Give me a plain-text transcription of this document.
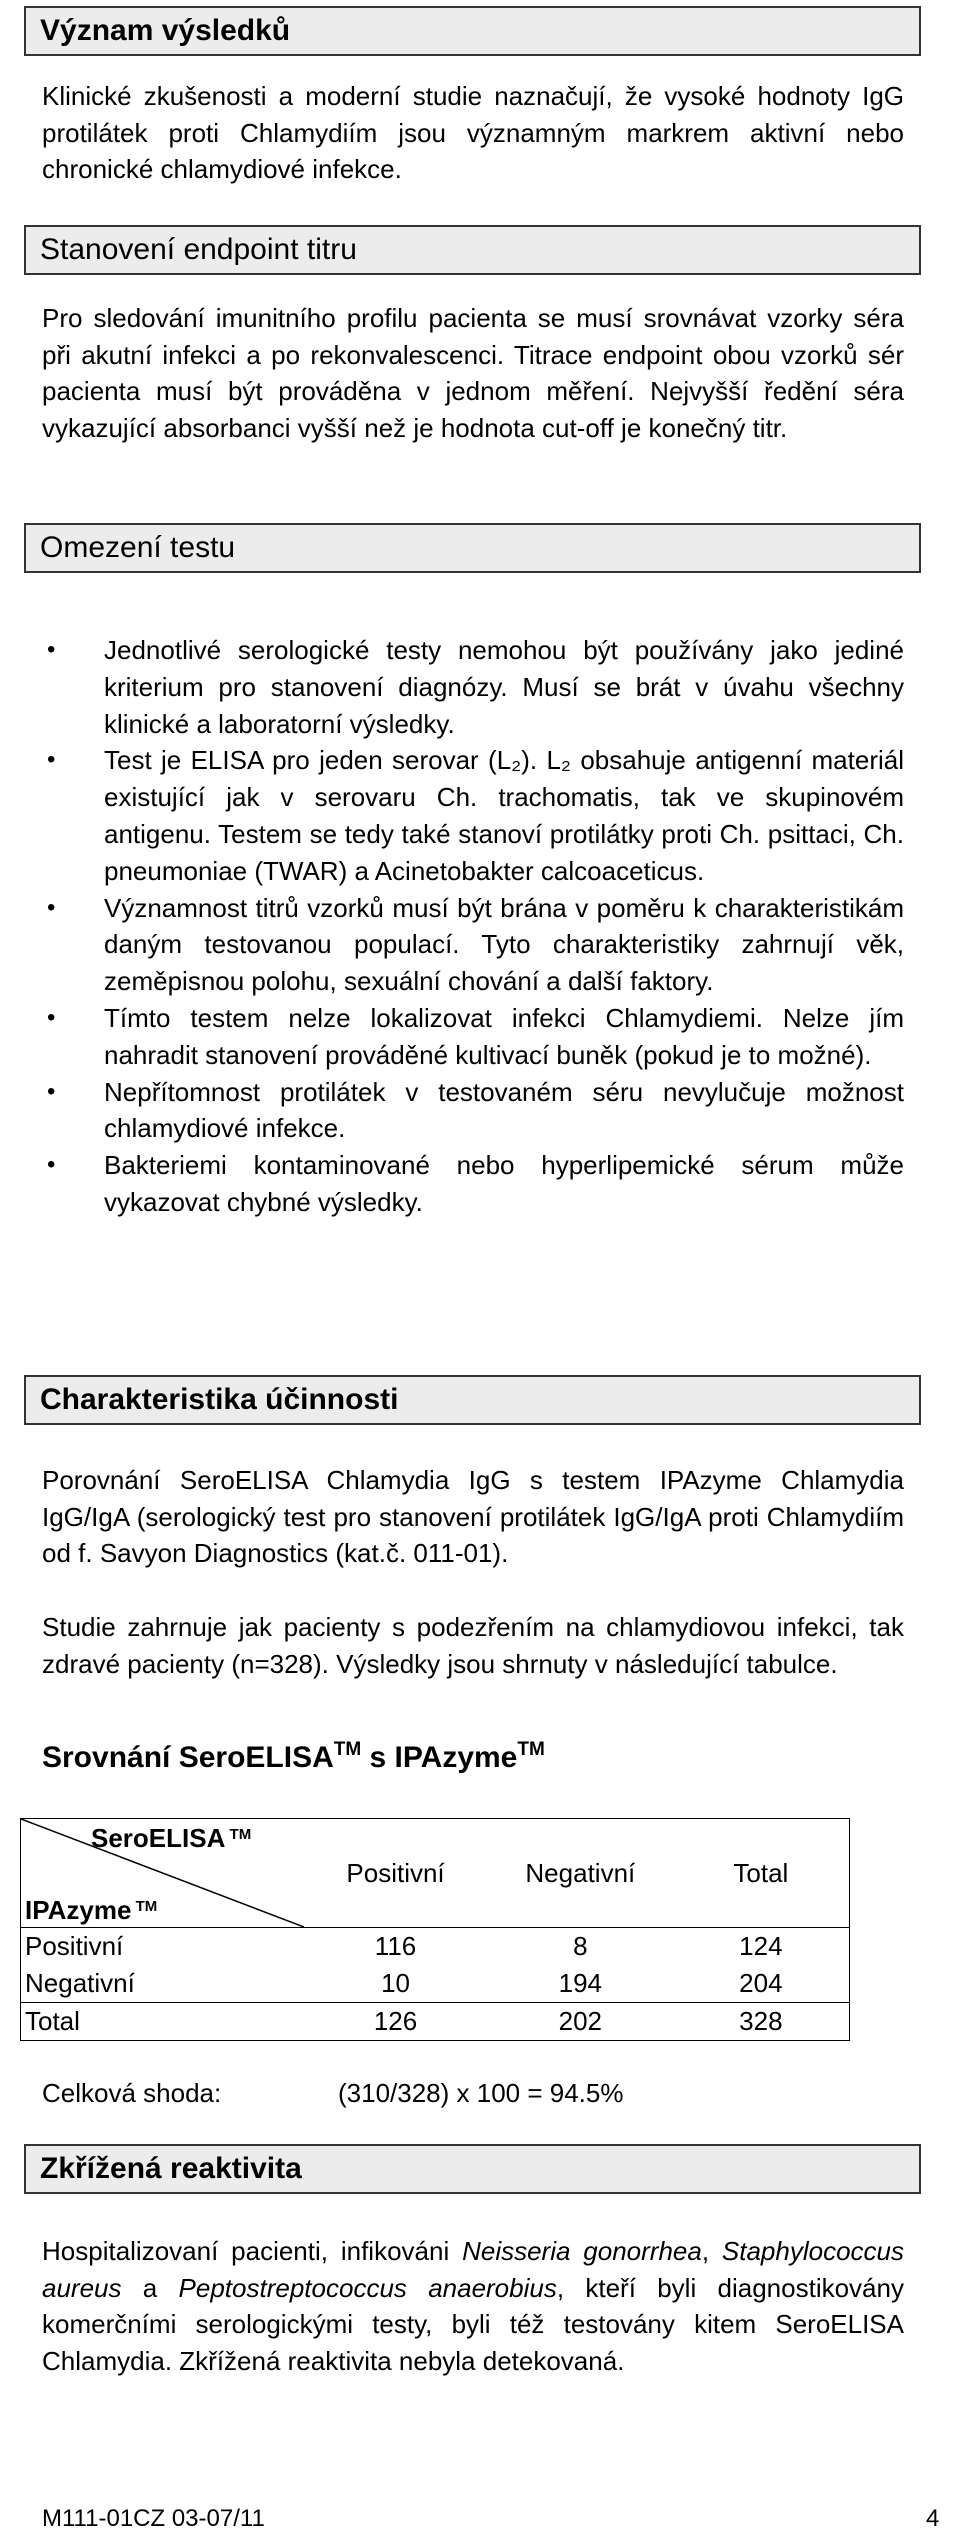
Význam výsledků
Klinické zkušenosti a moderní studie naznačují, že vysoké hodnoty IgG protilátek proti Chlamydiím jsou významným markrem aktivní nebo chronické chlamydiové infekce.
Stanovení endpoint titru
Pro sledování imunitního profilu pacienta se musí srovnávat vzorky séra při akutní infekci a po rekonvalescenci. Titrace endpoint obou vzorků sér pacienta musí být prováděna v jednom měření. Nejvyšší ředění séra vykazující absorbanci vyšší než je hodnota cut-off je konečný titr.
Omezení testu
• Jednotlivé serologické testy nemohou být používány jako jediné kriterium pro stanovení diagnózy. Musí se brát v úvahu všechny klinické a laboratorní výsledky.
• Test je ELISA pro jeden serovar (L₂). L₂ obsahuje antigenní materiál existující jak v serovaru Ch. trachomatis, tak ve skupinovém antigenu. Testem se tedy také stanoví protilátky proti Ch. psittaci, Ch. pneumoniae (TWAR) a Acinetobakter calcoaceticus.
• Významnost titrů vzorků musí být brána v poměru k charakteristikám daným testovanou populací. Tyto charakteristiky zahrnují věk, zeměpisnou polohu, sexuální chování a další faktory.
• Tímto testem nelze lokalizovat infekci Chlamydiemi. Nelze jím nahradit stanovení prováděné kultivací buněk (pokud je to možné).
• Nepřítomnost protilátek v testovaném séru nevylučuje možnost chlamydiové infekce.
• Bakteriemi kontaminované nebo hyperlipemické sérum může vykazovat chybné výsledky.
Charakteristika účinnosti
Porovnání SeroELISA Chlamydia IgG s testem IPAzyme Chlamydia IgG/IgA (serologický test pro stanovení protilátek IgG/IgA proti Chlamydiím od f. Savyon Diagnostics (kat.č. 011-01).
Studie zahrnuje jak pacienty s podezřením na chlamydiovou infekci, tak zdravé pacienty (n=328). Výsledky jsou shrnuty v následující tabulce.
Srovnání SeroELISA™ s IPAzyme™
SeroELISA ™
IPAzyme ™	Positivní	Negativní	Total
Positivní	116	8	124
Negativní	10	194	204
Total	126	202	328
Celková shoda:	(310/328) x 100 = 94.5%
Zkřížená reaktivita
Hospitalizovaní pacienti, infikováni Neisseria gonorrhea, Staphylococcus aureus a Peptostreptococcus anaerobius, kteří byli diagnostikovány komerčními serologickými testy, byli též testovány kitem SeroELISA Chlamydia. Zkřížená reaktivita nebyla detekovaná.
M111-01CZ 03-07/11	4
